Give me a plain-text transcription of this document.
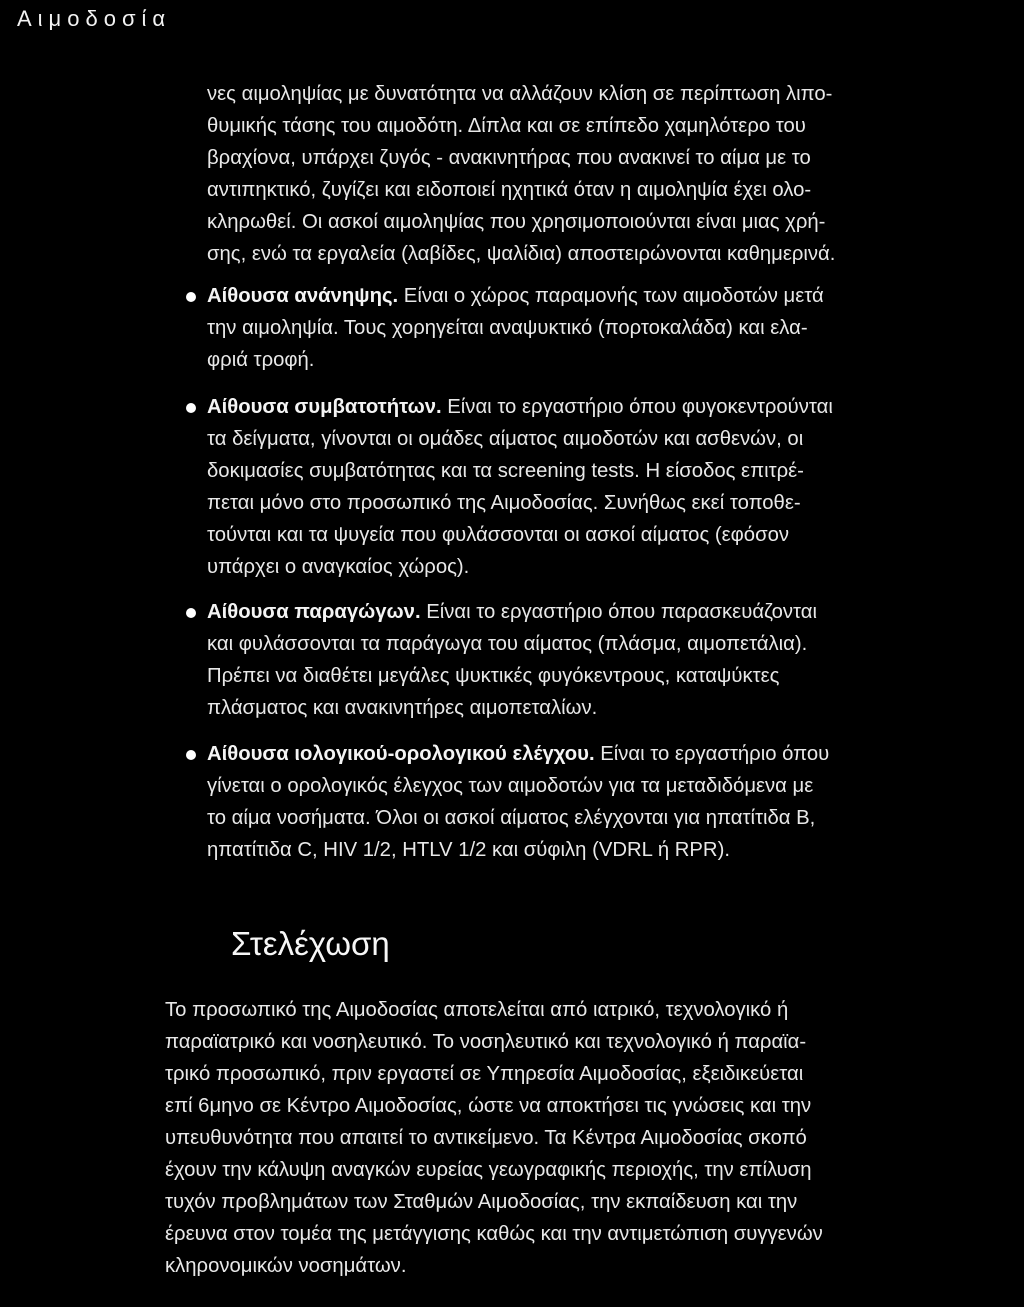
Αιμοδοσία
νες αιμοληψίας με δυνατότητα να αλλάζουν κλίση σε περίπτωση λιπο-
θυμικής τάσης του αιμοδότη. Δίπλα και σε επίπεδο χαμηλότερο του
βραχίονα, υπάρχει ζυγός - ανακινητήρας που ανακινεί το αίμα με το
αντιπηκτικό, ζυγίζει και ειδοποιεί ηχητικά όταν η αιμοληψία έχει ολο-
κληρωθεί. Οι ασκοί αιμοληψίας που χρησιμοποιούνται είναι μιας χρή-
σης, ενώ τα εργαλεία (λαβίδες, ψαλίδια) αποστειρώνονται καθημερινά.
Αίθουσα ανάνηψης. Είναι ο χώρος παραμονής των αιμοδοτών μετά
την αιμοληψία. Τους χορηγείται αναψυκτικό (πορτοκαλάδα) και ελα-
φριά τροφή.
Αίθουσα συμβατοτήτων. Είναι το εργαστήριο όπου φυγοκεντρούνται
τα δείγματα, γίνονται οι ομάδες αίματος αιμοδοτών και ασθενών, οι
δοκιμασίες συμβατότητας και τα screening tests. Η είσοδος επιτρέ-
πεται μόνο στο προσωπικό της Αιμοδοσίας. Συνήθως εκεί τοποθε-
τούνται και τα ψυγεία που φυλάσσονται οι ασκοί αίματος (εφόσον
υπάρχει ο αναγκαίος χώρος).
Αίθουσα παραγώγων. Είναι το εργαστήριο όπου παρασκευάζονται
και φυλάσσονται τα παράγωγα του αίματος (πλάσμα, αιμοπετάλια).
Πρέπει να διαθέτει μεγάλες ψυκτικές φυγόκεντρους, καταψύκτες
πλάσματος και ανακινητήρες αιμοπεταλίων.
Αίθουσα ιολογικού-ορολογικού ελέγχου. Είναι το εργαστήριο όπου
γίνεται ο ορολογικός έλεγχος των αιμοδοτών για τα μεταδιδόμενα με
το αίμα νοσήματα. Όλοι οι ασκοί αίματος ελέγχονται για ηπατίτιδα Β,
ηπατίτιδα C, HIV 1/2, HTLV 1/2 και σύφιλη (VDRL ή RPR).
Στελέχωση
Το προσωπικό της Αιμοδοσίας αποτελείται από ιατρικό, τεχνολογικό ή
παραϊατρικό και νοσηλευτικό. Το νοσηλευτικό και τεχνολογικό ή παραϊα-
τρικό προσωπικό, πριν εργαστεί σε Υπηρεσία Αιμοδοσίας, εξειδικεύεται
επί 6μηνο σε Κέντρο Αιμοδοσίας, ώστε να αποκτήσει τις γνώσεις και την
υπευθυνότητα που απαιτεί το αντικείμενο. Τα Κέντρα Αιμοδοσίας σκοπό
έχουν την κάλυψη αναγκών ευρείας γεωγραφικής περιοχής, την επίλυση
τυχόν προβλημάτων των Σταθμών Αιμοδοσίας, την εκπαίδευση και την
έρευνα στον τομέα της μετάγγισης καθώς και την αντιμετώπιση συγγενών
κληρονομικών νοσημάτων.
